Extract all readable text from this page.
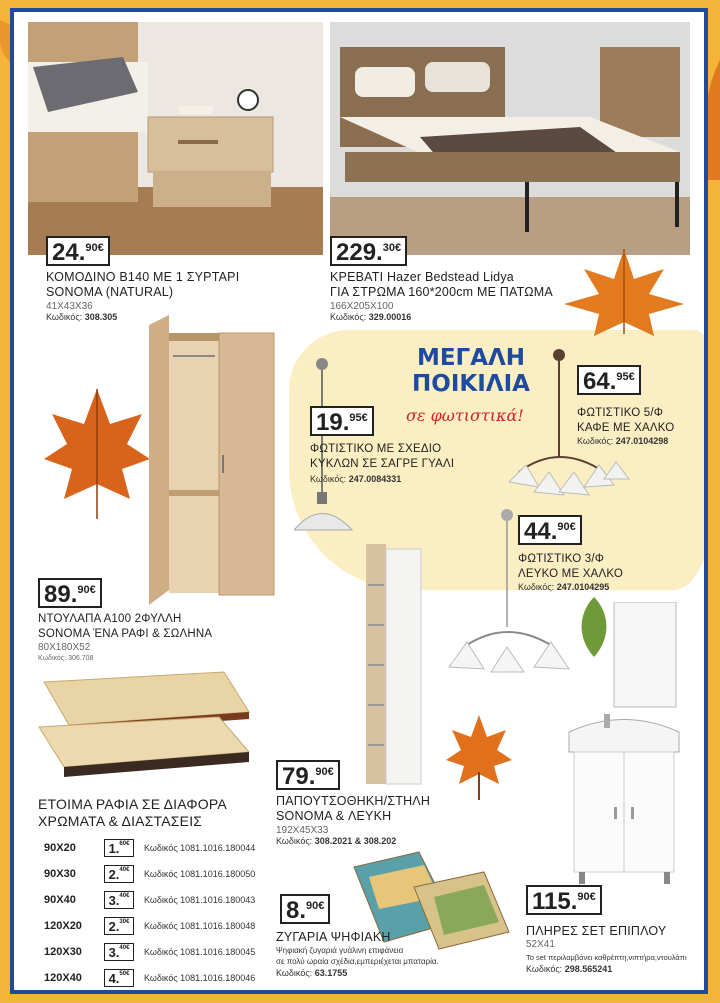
24. 90€
ΚΟΜΟΔΙΝΟ Β140 ΜΕ 1 ΣΥΡΤΑΡΙ
SONOMA (NATURAL)
41Χ43Χ36
Κωδικός: 308.305
229. 30€
ΚΡΕΒΑΤΙ Hazer Bedstead Lidya
ΓΙΑ ΣΤΡΩΜΑ 160*200cm ΜΕ ΠΑΤΩΜΑ
166Χ205Χ100
Κωδικός: 329.00016
ΜΕΓΑΛΗ
ΠΟΙΚΙΛΙΑ
σε φωτιστικά!
89. 90€
ΝΤΟΥΛΑΠΑ Α100 2ΦΥΛΛΗ
SONOMA ΈΝΑ ΡΑΦΙ & ΣΩΛΗΝΑ
80Χ180Χ52
Κωδικός: 306.708
19. 95€
ΦΩΤΙΣΤΙΚΟ ΜΕ ΣΧΕΔΙΟ
ΚΥΚΛΩΝ ΣΕ ΣΑΓΡΕ ΓΥΑΛΙ
Κωδικός: 247.0084331
64. 95€
ΦΩΤΙΣΤΙΚΟ 5/Φ
ΚΑΦΕ ΜΕ ΧΑΛΚΟ
Κωδικός: 247.0104298
44. 90€
ΦΩΤΙΣΤΙΚΟ 3/Φ
ΛΕΥΚΟ ΜΕ ΧΑΛΚΟ
Κωδικός: 247.0104295
ΕΤΟΙΜΑ ΡΑΦΙΑ ΣΕ ΔΙΑΦΟΡΑ
ΧΡΩΜΑΤΑ & ΔΙΑΣΤΑΣΕΙΣ
90Χ20	1. 60€ Κωδικός 1081.1016.180044
90Χ30	2. 40€ Κωδικός 1081.1016.180050
90Χ40	3. 40€ Κωδικός 1081.1016.180043
120Χ20	2. 30€ Κωδικός 1081.1016.180048
120Χ30	3. 40€ Κωδικός 1081.1016.180045
120Χ40	4. 50€ Κωδικός 1081.1016.180046
79. 90€
ΠΑΠΟΥΤΣΟΘΗΚΗ/ΣΤΗΛΗ
SONOMA & ΛΕΥΚΗ
192Χ45Χ33
Κωδικός: 308.2021 & 308.202
8. 90€
ΖΥΓΑΡΙΑ ΨΗΦΙΑΚΗ
Ψηφιακή ζυγαριά γυάλινη επιφάνεια
σε πολύ ωραία σχέδια,εμπεριέχεται μπαταρία.
Κωδικός: 63.1755
115. 90€
ΠΛΗΡΕΣ ΣΕΤ ΕΠΙΠΛΟΥ
52Χ41
Το set περιλαμβάνει καθρέπτη,νιπτήρα,ντουλάπι
Κωδικός: 298.565241
